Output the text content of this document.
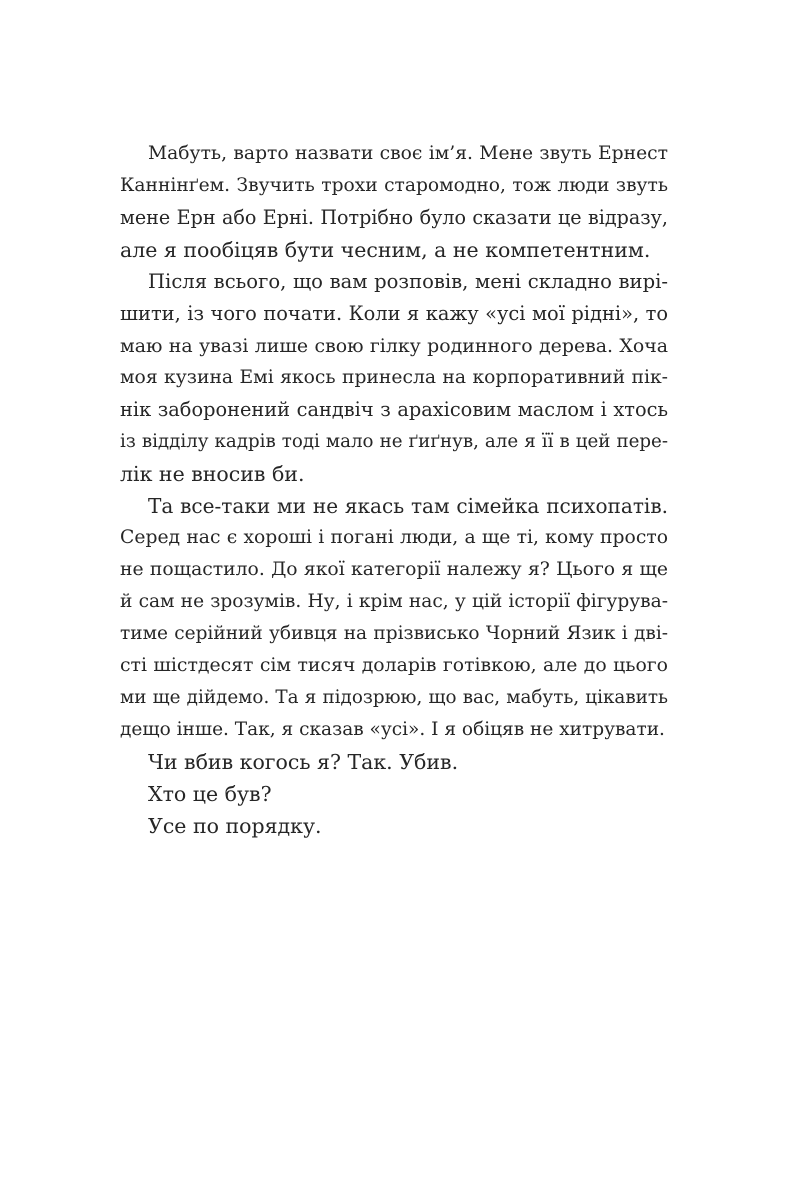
Мабуть, варто назвати своє ім’я. Мене звуть Ернест
Каннінґем. Звучить трохи старомодно, тож люди звуть
мене Ерн або Ерні. Потрібно було сказати це відразу,
але я пообіцяв бути чесним, а не компетентним.
Після всього, що вам розповів, мені складно вирі-
шити, із чого почати. Коли я кажу «усі мої рідні», то
маю на увазі лише свою гілку родинного дерева. Хоча
моя кузина Емі якось принесла на корпоративний пік-
нік заборонений сандвіч з арахісовим маслом і хтось
із відділу кадрів тоді мало не ґиґнув, але я її в цей пере-
лік не вносив би.
Та все-таки ми не якась там сімейка психопатів.
Серед нас є хороші і погані люди, а ще ті, кому просто
не пощастило. До якої категорії належу я? Цього я ще
й сам не зрозумів. Ну, і крім нас, у цій історії фігурува-
тиме серійний убивця на прізвисько Чорний Язик і дві-
сті шістдесят сім тисяч доларів готівкою, але до цього
ми ще дійдемо. Та я підозрюю, що вас, мабуть, цікавить
дещо інше. Так, я сказав «усі». І я обіцяв не хитрувати.
Чи вбив когось я? Так. Убив.
Хто це був?
Усе по порядку.
